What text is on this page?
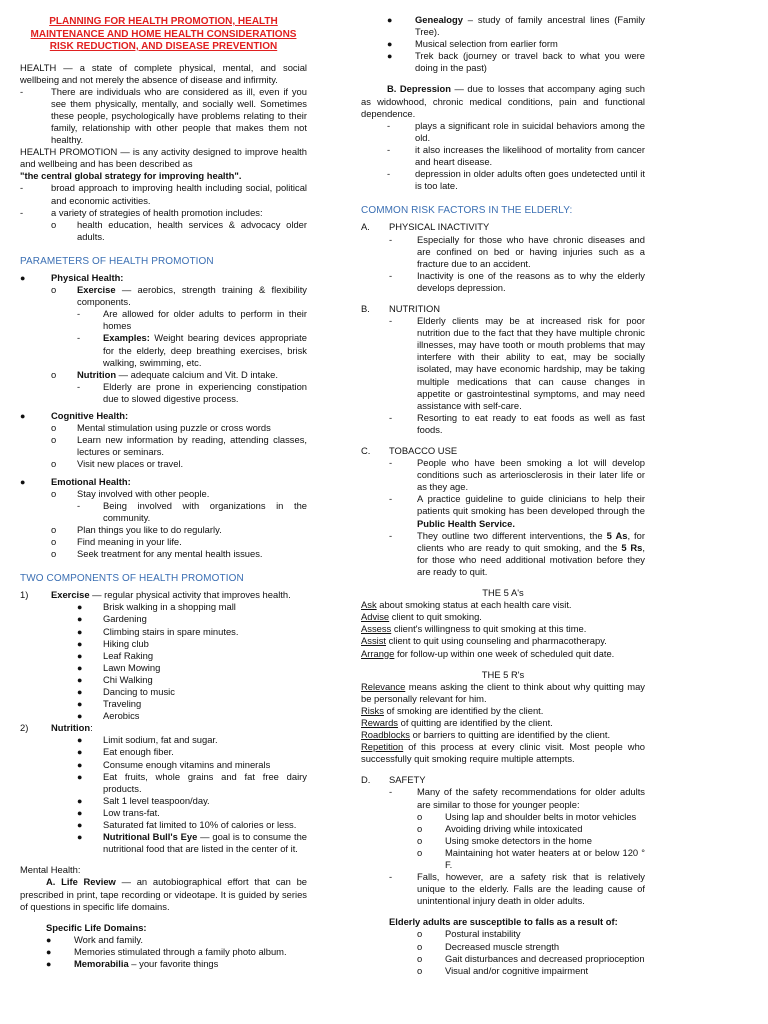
PLANNING FOR HEALTH PROMOTION, HEALTH MAINTENANCE AND HOME HEALTH CONSIDERATIONS RISK REDUCTION, AND DISEASE PREVENTION

HEALTH — a state of complete physical, mental, and social wellbeing and not merely the absence of disease and infirmity.

-	There are individuals who are considered as ill, even if you see them physically, mentally, and socially well. Sometimes these people, psychologically have problems relating to their family, relationship with other people that makes them not healthy.

HEALTH PROMOTION — is any activity designed to improve health and wellbeing and has been described as

"the central global strategy for improving health".

-	broad approach to improving health including social, political and economic activities.
-	a variety of strategies of health promotion includes:
o	health education, health services & advocacy older adults.

PARAMETERS OF HEALTH PROMOTION

●	Physical Health:
o	Exercise — aerobics, strength training & flexibility components.
-	Are allowed for older adults to perform in their homes
-	Examples: Weight bearing devices appropriate for the elderly, deep breathing exercises, brisk walking, swimming, etc.
o	Nutrition — adequate calcium and Vit. D intake.
-	Elderly are prone in experiencing constipation due to slowed digestive process.
●	Cognitive Health:
o	Mental stimulation using puzzle or cross words
o	Learn new information by reading, attending classes, lectures or seminars.
o	Visit new places or travel.
●	Emotional Health:
o	Stay involved with other people.
-	Being involved with organizations in the community.
o	Plan things you like to do regularly.
o	Find meaning in your life.
o	Seek treatment for any mental health issues.

TWO COMPONENTS OF HEALTH PROMOTION

1)	Exercise — regular physical activity that improves health.
●	Brisk walking in a shopping mall
●	Gardening
●	Climbing stairs in spare minutes.
●	Hiking club
●	Leaf Raking
●	Lawn Mowing
●	Chi Walking
●	Dancing to music
●	Traveling
●	Aerobics
2)	Nutrition:
●	Limit sodium, fat and sugar.
●	Eat enough fiber.
●	Consume enough vitamins and minerals
●	Eat fruits, whole grains and fat free dairy products.
●	Salt 1 level teaspoon/day.
●	Low trans-fat.
●	Saturated fat limited to 10% of calories or less.
●	Nutritional Bull's Eye — goal is to consume the nutritional food that are listed in the center of it.

Mental Health:

A. Life Review — an autobiographical effort that can be prescribed in print, tape recording or videotape. It is guided by series of questions in specific life domains.

Specific Life Domains:

●	Work and family.
●	Memories stimulated through a family photo album.
●	Memorabilia – your favorite things
●	Genealogy – study of family ancestral lines (Family Tree).
●	Musical selection from earlier form
●	Trek back (journey or travel back to what you were doing in the past)

B. Depression — due to losses that accompany aging such as widowhood, chronic medical conditions, pain and functional dependence.

-	plays a significant role in suicidal behaviors among the old.
-	it also increases the likelihood of mortality from cancer and heart disease.
-	depression in older adults often goes undetected until it is too late.

COMMON RISK FACTORS IN THE ELDERLY:

A.	PHYSICAL INACTIVITY
-	Especially for those who have chronic diseases and are confined on bed or having injuries such as a fracture due to an accident.
-	Inactivity is one of the reasons as to why the elderly develops depression.
B.	NUTRITION
-	Elderly clients may be at increased risk for poor nutrition due to the fact that they have multiple chronic illnesses, may have tooth or mouth problems that may interfere with their ability to eat, may be socially isolated, may have economic hardship, may be taking multiple medications that can cause changes in appetite or gastrointestinal symptoms, and may need assistance with self-care.
-	Resorting to eat ready to eat foods as well as fast foods.
C.	TOBACCO USE
-	People who have been smoking a lot will develop conditions such as arteriosclerosis in their later life or as they age.
-	A practice guideline to guide clinicians to help their patients quit smoking has been developed through the Public Health Service.
-	They outline two different interventions, the 5 As, for clients who are ready to quit smoking, and the 5 Rs, for those who need additional motivation before they are ready to quit.

THE 5 A's

Ask about smoking status at each health care visit.

Advise client to quit smoking.

Assess client's willingness to quit smoking at this time.

Assist client to quit using counseling and pharmacotherapy.

Arrange for follow-up within one week of scheduled quit date.

THE 5 R's

Relevance means asking the client to think about why quitting may be personally relevant for him.

Risks of smoking are identified by the client.

Rewards of quitting are identified by the client.

Roadblocks or barriers to quitting are identified by the client.

Repetition of this process at every clinic visit. Most people who successfully quit smoking require multiple attempts.

D.	SAFETY
-	Many of the safety recommendations for older adults are similar to those for younger people:
o	Using lap and shoulder belts in motor vehicles
o	Avoiding driving while intoxicated
o	Using smoke detectors in the home
o	Maintaining hot water heaters at or below 120 ° F.
-	Falls, however, are a safety risk that is relatively unique to the elderly. Falls are the leading cause of unintentional injury death in older adults.

Elderly adults are susceptible to falls as a result of:

o	Postural instability
o	Decreased muscle strength
o	Gait disturbances and decreased proprioception
o	Visual and/or cognitive impairment
